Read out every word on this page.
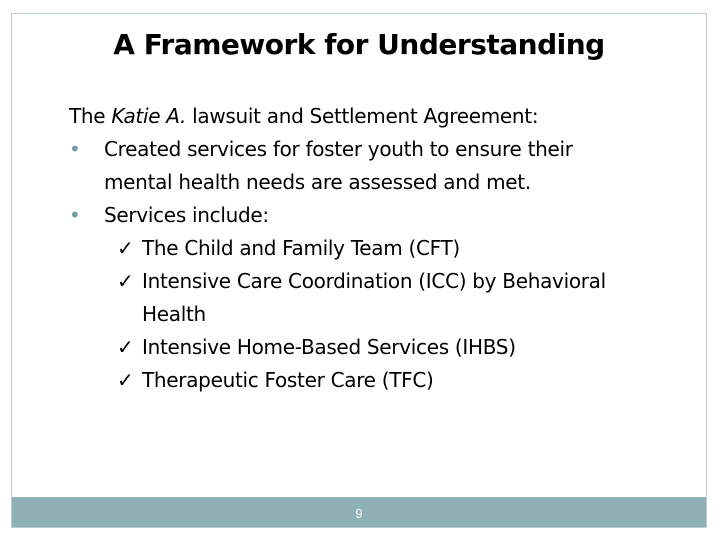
A Framework for Understanding
The Katie A. lawsuit and Settlement Agreement:
• Created services for foster youth to ensure their
mental health needs are assessed and met.
• Services include:
✓ The Child and Family Team (CFT)
✓ Intensive Care Coordination (ICC) by Behavioral
Health
✓ Intensive Home-Based Services (IHBS)
✓ Therapeutic Foster Care (TFC)
9
